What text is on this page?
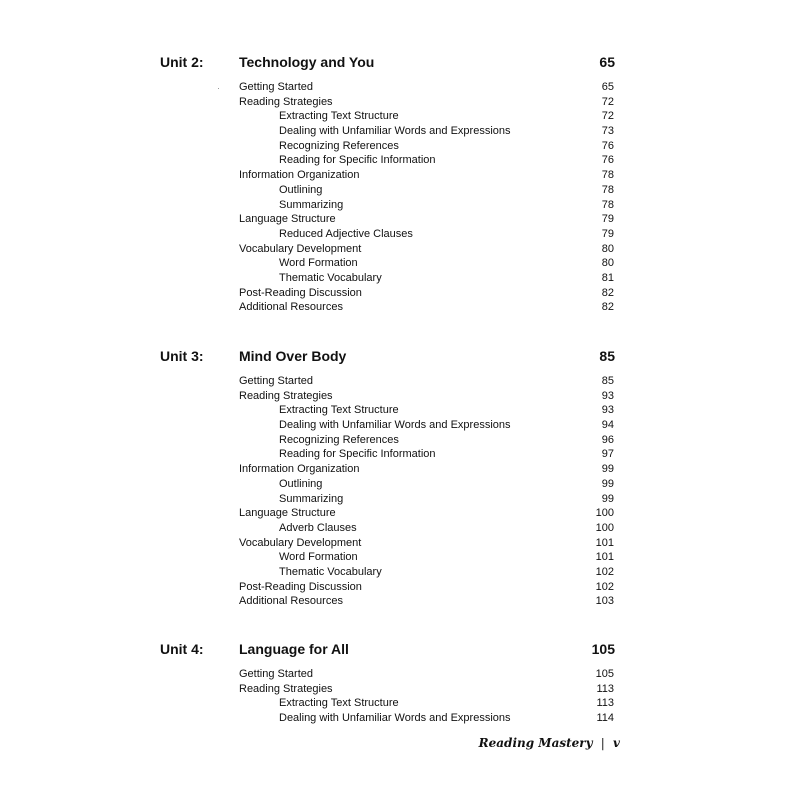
Unit 2:	Technology and You	65
Getting Started	65
Reading Strategies	72
Extracting Text Structure	72
Dealing with Unfamiliar Words and Expressions	73
Recognizing References	76
Reading for Specific Information	76
Information Organization	78
Outlining	78
Summarizing	78
Language Structure	79
Reduced Adjective Clauses	79
Vocabulary Development	80
Word Formation	80
Thematic Vocabulary	81
Post-Reading Discussion	82
Additional Resources	82
Unit 3:	Mind Over Body	85
Getting Started	85
Reading Strategies	93
Extracting Text Structure	93
Dealing with Unfamiliar Words and Expressions	94
Recognizing References	96
Reading for Specific Information	97
Information Organization	99
Outlining	99
Summarizing	99
Language Structure	100
Adverb Clauses	100
Vocabulary Development	101
Word Formation	101
Thematic Vocabulary	102
Post-Reading Discussion	102
Additional Resources	103
Unit 4:	Language for All	105
Getting Started	105
Reading Strategies	113
Extracting Text Structure	113
Dealing with Unfamiliar Words and Expressions	114
Reading Mastery | v
